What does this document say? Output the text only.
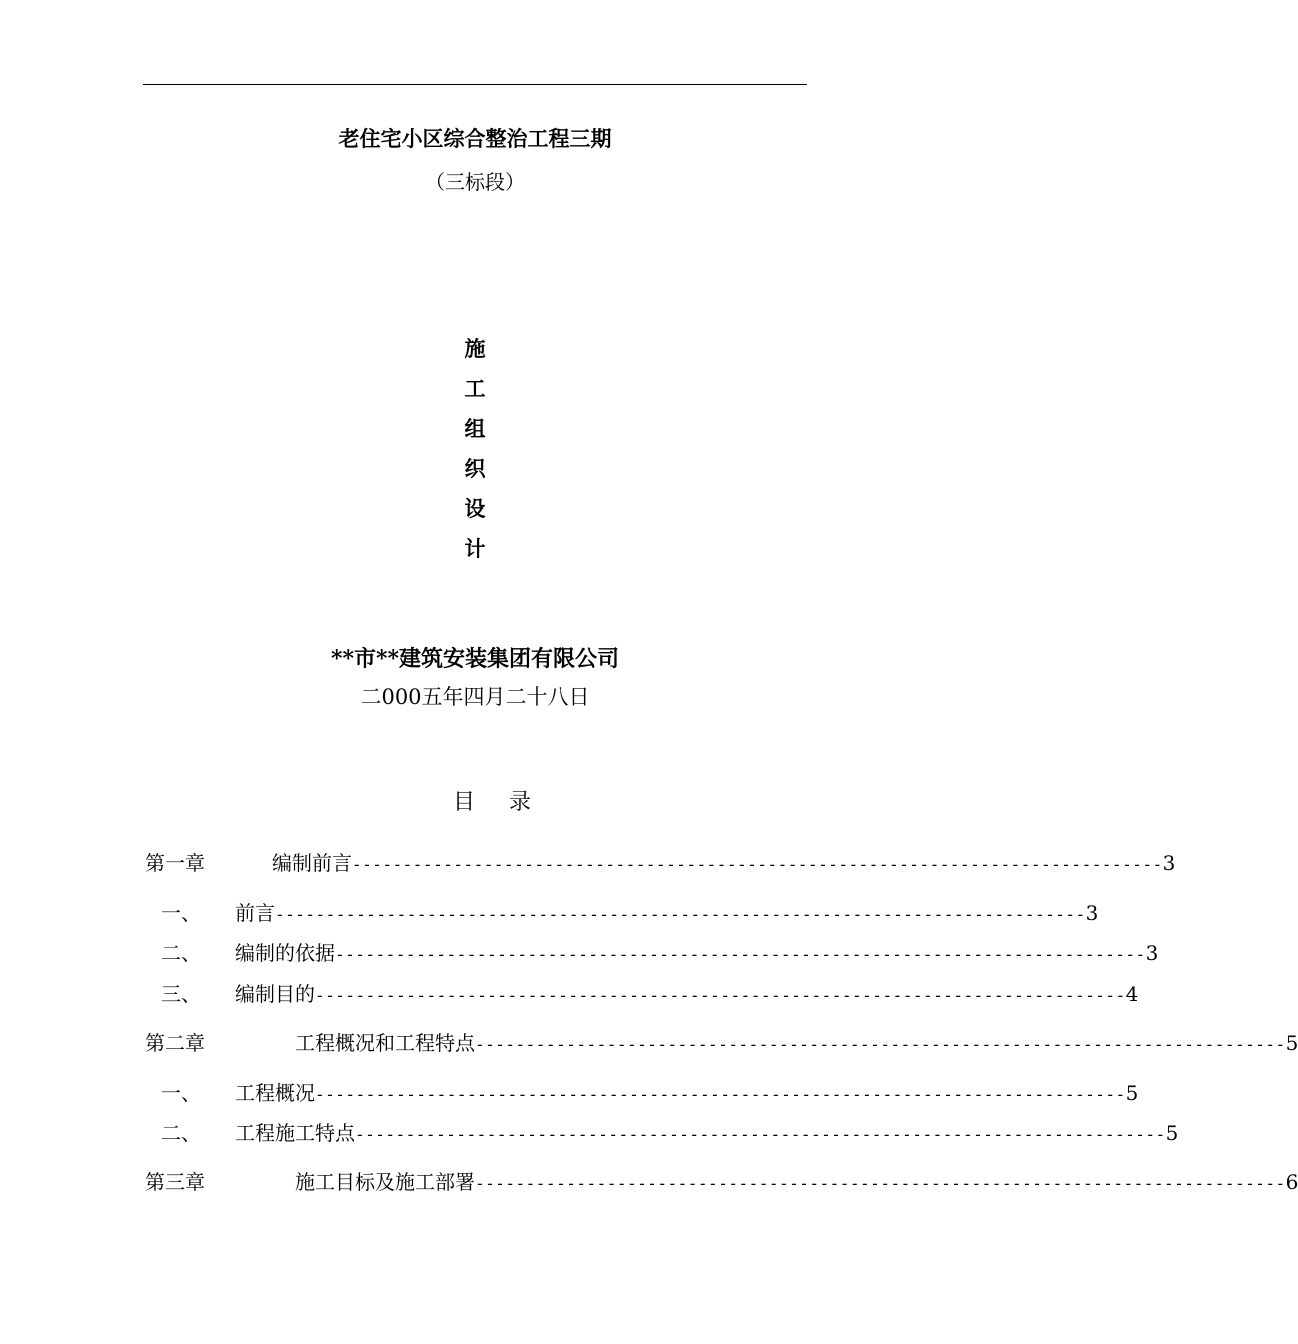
老住宅小区综合整治工程三期
（三标段）
施
工
组
织
设
计
**市**建筑安装集团有限公司
二000五年四月二十八日
目录
第一章	编制前言 -------------------------------------------------------------------------------- 3
一、	前言 -------------------------------------------------------------------------------- 3
二、	编制的依据 -------------------------------------------------------------------------------- 3
三、	编制目的 -------------------------------------------------------------------------------- 4
第二章	工程概况和工程特点 -------------------------------------------------------------------------------- 5
一、	工程概况 -------------------------------------------------------------------------------- 5
二、	工程施工特点 -------------------------------------------------------------------------------- 5
第三章	施工目标及施工部署 -------------------------------------------------------------------------------- 6
